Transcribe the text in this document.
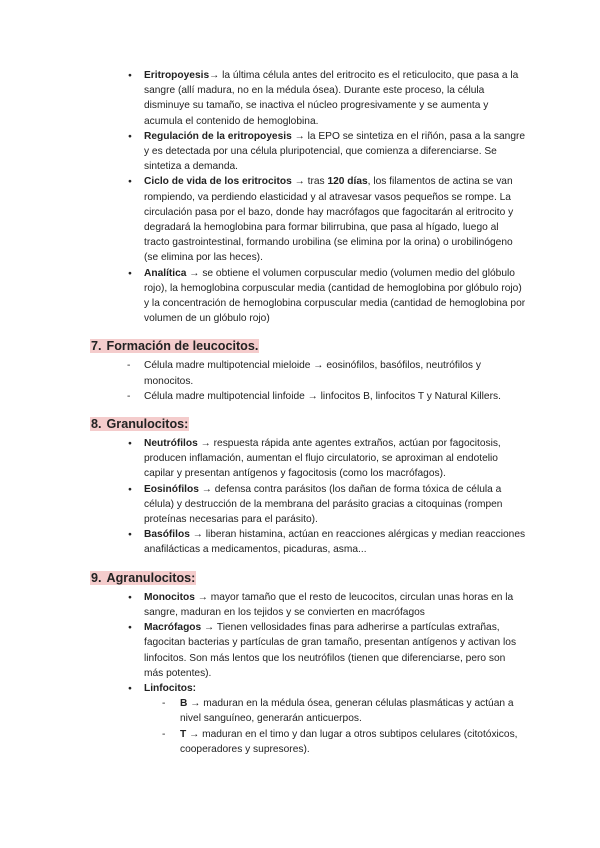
● Eritropoyesis→ la última célula antes del eritrocito es el reticulocito, que pasa a la sangre (allí madura, no en la médula ósea). Durante este proceso, la célula disminuye su tamaño, se inactiva el núcleo progresivamente y se aumenta y acumula el contenido de hemoglobina.
● Regulación de la eritropoyesis → la EPO se sintetiza en el riñón, pasa a la sangre y es detectada por una célula pluripotencial, que comienza a diferenciarse. Se sintetiza a demanda.
● Ciclo de vida de los eritrocitos → tras 120 días, los filamentos de actina se van rompiendo, va perdiendo elasticidad y al atravesar vasos pequeños se rompe. La circulación pasa por el bazo, donde hay macrófagos que fagocitarán al eritrocito y degradará la hemoglobina para formar bilirrubina, que pasa al hígado, luego al tracto gastrointestinal, formando urobilina (se elimina por la orina) o urobilinógeno (se elimina por las heces).
● Analítica → se obtiene el volumen corpuscular medio (volumen medio del glóbulo rojo), la hemoglobina corpuscular media (cantidad de hemoglobina por glóbulo rojo) y la concentración de hemoglobina corpuscular media (cantidad de hemoglobina por volumen de un glóbulo rojo)
7. Formación de leucocitos.
- Célula madre multipotencial mieloide → eosinófilos, basófilos, neutrófilos y monocitos.
- Célula madre multipotencial linfoide → linfocitos B, linfocitos T y Natural Killers.
8. Granulocitos:
● Neutrófilos → respuesta rápida ante agentes extraños, actúan por fagocitosis, producen inflamación, aumentan el flujo circulatorio, se aproximan al endotelio capilar y presentan antígenos y fagocitosis (como los macrófagos).
● Eosinófilos → defensa contra parásitos (los dañan de forma tóxica de célula a célula) y destrucción de la membrana del parásito gracias a citoquinas (rompen proteínas necesarias para el parásito).
● Basófilos → liberan histamina, actúan en reacciones alérgicas y median reacciones anafilácticas a medicamentos, picaduras, asma...
9. Agranulocitos:
● Monocitos → mayor tamaño que el resto de leucocitos, circulan unas horas en la sangre, maduran en los tejidos y se convierten en macrófagos
● Macrófagos → Tienen vellosidades finas para adherirse a partículas extrañas, fagocitan bacterias y partículas de gran tamaño, presentan antígenos y activan los linfocitos. Son más lentos que los neutrófilos (tienen que diferenciarse, pero son más potentes).
● Linfocitos:
- B → maduran en la médula ósea, generan células plasmáticas y actúan a nivel sanguíneo, generarán anticuerpos.
- T → maduran en el timo y dan lugar a otros subtipos celulares (citotóxicos, cooperadores y supresores).
